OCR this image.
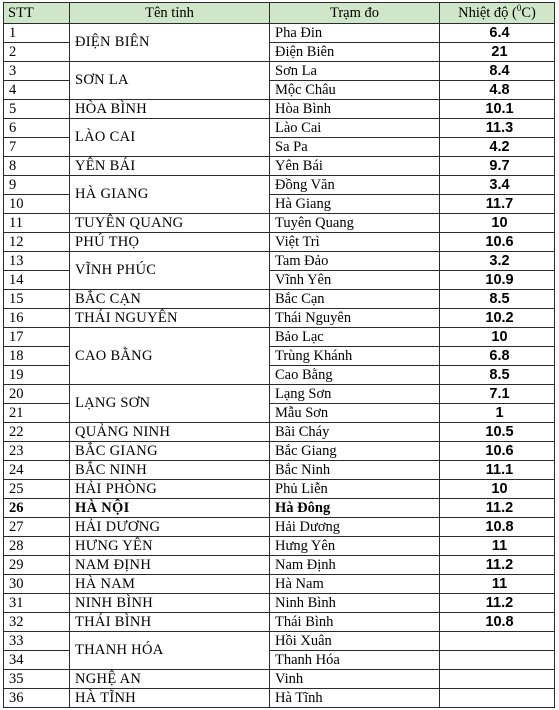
STT	Tên tỉnh	Trạm đo	Nhiệt độ ($^0$C)
1	ĐIỆN BIÊN	Pha Đin	6.4
2		Điện Biên	21
3	SƠN LA	Sơn La	8.4
4		Mộc Châu	4.8
5	HÒA BÌNH	Hòa Bình	10.1
6	LÀO CAI	Lào Cai	11.3
7		Sa Pa	4.2
8	YÊN BÁI	Yên Bái	9.7
9	HÀ GIANG	Đồng Văn	3.4
10		Hà Giang	11.7
11	TUYÊN QUANG	Tuyên Quang	10
12	PHÚ THỌ	Việt Trì	10.6
13	VĨNH PHÚC	Tam Đảo	3.2
14		Vĩnh Yên	10.9
15	BẮC CẠN	Bắc Cạn	8.5
16	THÁI NGUYÊN	Thái Nguyên	10.2
17	CAO BẰNG	Bảo Lạc	10
18		Trùng Khánh	6.8
19		Cao Bằng	8.5
20	LẠNG SƠN	Lạng Sơn	7.1
21		Mẫu Sơn	1
22	QUẢNG NINH	Bãi Cháy	10.5
23	BẮC GIANG	Bắc Giang	10.6
24	BẮC NINH	Bắc Ninh	11.1
25	HẢI PHÒNG	Phủ Liễn	10
26	HÀ NỘI	Hà Đông	11.2
27	HẢI DƯƠNG	Hải Dương	10.8
28	HƯNG YÊN	Hưng Yên	11
29	NAM ĐỊNH	Nam Định	11.2
30	HÀ NAM	Hà Nam	11
31	NINH BÌNH	Ninh Bình	11.2
32	THÁI BÌNH	Thái Bình	10.8
33	THANH HÓA	Hồi Xuân	
34		Thanh Hóa	
35	NGHỆ AN	Vinh	
36	HÀ TĨNH	Hà Tĩnh	
